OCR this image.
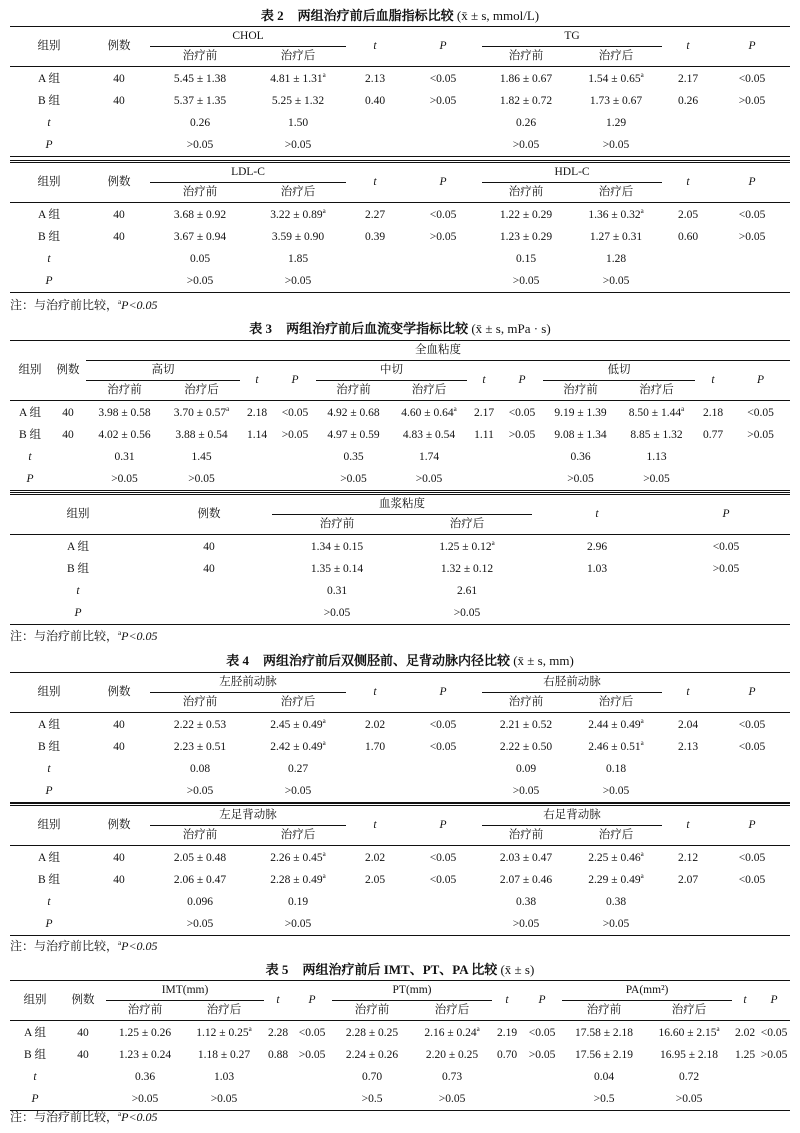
表 2 两组治疗前后血脂指标比较 (x̄ ± s, mmol/L)
组别	例数	CHOL		t	P	TG		t	P
		治疗前	治疗后			治疗前	治疗后		
A 组	40	5.45 ± 1.38	4.81 ± 1.31$^a$	2.13	<0.05	1.86 ± 0.67	1.54 ± 0.65$^a$	2.17	<0.05
B 组	40	5.37 ± 1.35	5.25 ± 1.32	0.40	>0.05	1.82 ± 0.72	1.73 ± 0.67	0.26	>0.05
t		0.26	1.50			0.26	1.29		
P		>0.05	>0.05			>0.05	>0.05		
组别	例数	LDL-C		t	P	HDL-C		t	P
		治疗前	治疗后			治疗前	治疗后		
A 组	40	3.68 ± 0.92	3.22 ± 0.89$^a$	2.27	<0.05	1.22 ± 0.29	1.36 ± 0.32$^a$	2.05	<0.05
B 组	40	3.67 ± 0.94	3.59 ± 0.90	0.39	>0.05	1.23 ± 0.29	1.27 ± 0.31	0.60	>0.05
t		0.05	1.85			0.15	1.28		
P		>0.05	>0.05			>0.05	>0.05		
注：与治疗前比较，$^a$P<0.05
表 3 两组治疗前后血流变学指标比较 (x̄ ± s, mPa · s)
组别	例数	全血粘度											
		高切		t	P	中切		t	P	低切		t	P
		治疗前	治疗后			治疗前	治疗后			治疗前	治疗后		
A 组	40	3.98 ± 0.58	3.70 ± 0.57$^a$	2.18	<0.05	4.92 ± 0.68	4.60 ± 0.64$^a$	2.17	<0.05	9.19 ± 1.39	8.50 ± 1.44$^a$	2.18	<0.05
B 组	40	4.02 ± 0.56	3.88 ± 0.54	1.14	>0.05	4.97 ± 0.59	4.83 ± 0.54	1.11	>0.05	9.08 ± 1.34	8.85 ± 1.32	0.77	>0.05
t		0.31	1.45			0.35	1.74			0.36	1.13		
P		>0.05	>0.05			>0.05	>0.05			>0.05	>0.05		
组别	例数	血浆粘度		t	P
		治疗前	治疗后		
A 组	40	1.34 ± 0.15	1.25 ± 0.12$^a$	2.96	<0.05
B 组	40	1.35 ± 0.14	1.32 ± 0.12	1.03	>0.05
t		0.31	2.61		
P		>0.05	>0.05		
注：与治疗前比较，$^a$P<0.05
表 4 两组治疗前后双侧胫前、足背动脉内径比较 (x̄ ± s, mm)
组别	例数	左胫前动脉		t	P	右胫前动脉		t	P
		治疗前	治疗后			治疗前	治疗后		
A 组	40	2.22 ± 0.53	2.45 ± 0.49$^a$	2.02	<0.05	2.21 ± 0.52	2.44 ± 0.49$^a$	2.04	<0.05
B 组	40	2.23 ± 0.51	2.42 ± 0.49$^a$	1.70	<0.05	2.22 ± 0.50	2.46 ± 0.51$^a$	2.13	<0.05
t		0.08	0.27			0.09	0.18		
P		>0.05	>0.05			>0.05	>0.05		
组别	例数	左足背动脉		t	P	右足背动脉		t	P
		治疗前	治疗后			治疗前	治疗后		
A 组	40	2.05 ± 0.48	2.26 ± 0.45$^a$	2.02	<0.05	2.03 ± 0.47	2.25 ± 0.46$^a$	2.12	<0.05
B 组	40	2.06 ± 0.47	2.28 ± 0.49$^a$	2.05	<0.05	2.07 ± 0.46	2.29 ± 0.49$^a$	2.07	<0.05
t		0.096	0.19			0.38	0.38		
P		>0.05	>0.05			>0.05	>0.05		
注：与治疗前比较，$^a$P<0.05
表 5 两组治疗前后 IMT、PT、PA 比较 (x̄ ± s)
组别	例数	IMT(mm)		t	P	PT(mm)		t	P	PA(mm²)		t	P
		治疗前	治疗后			治疗前	治疗后			治疗前	治疗后		
A 组	40	1.25 ± 0.26	1.12 ± 0.25$^a$	2.28	<0.05	2.28 ± 0.25	2.16 ± 0.24$^a$	2.19	<0.05	17.58 ± 2.18	16.60 ± 2.15$^a$	2.02	<0.05
B 组	40	1.23 ± 0.24	1.18 ± 0.27	0.88	>0.05	2.24 ± 0.26	2.20 ± 0.25	0.70	>0.05	17.56 ± 2.19	16.95 ± 2.18	1.25	>0.05
t		0.36	1.03			0.70	0.73			0.04	0.72		
P		>0.05	>0.05			>0.5	>0.05			>0.5	>0.05		
注：与治疗前比较，$^a$P<0.05
